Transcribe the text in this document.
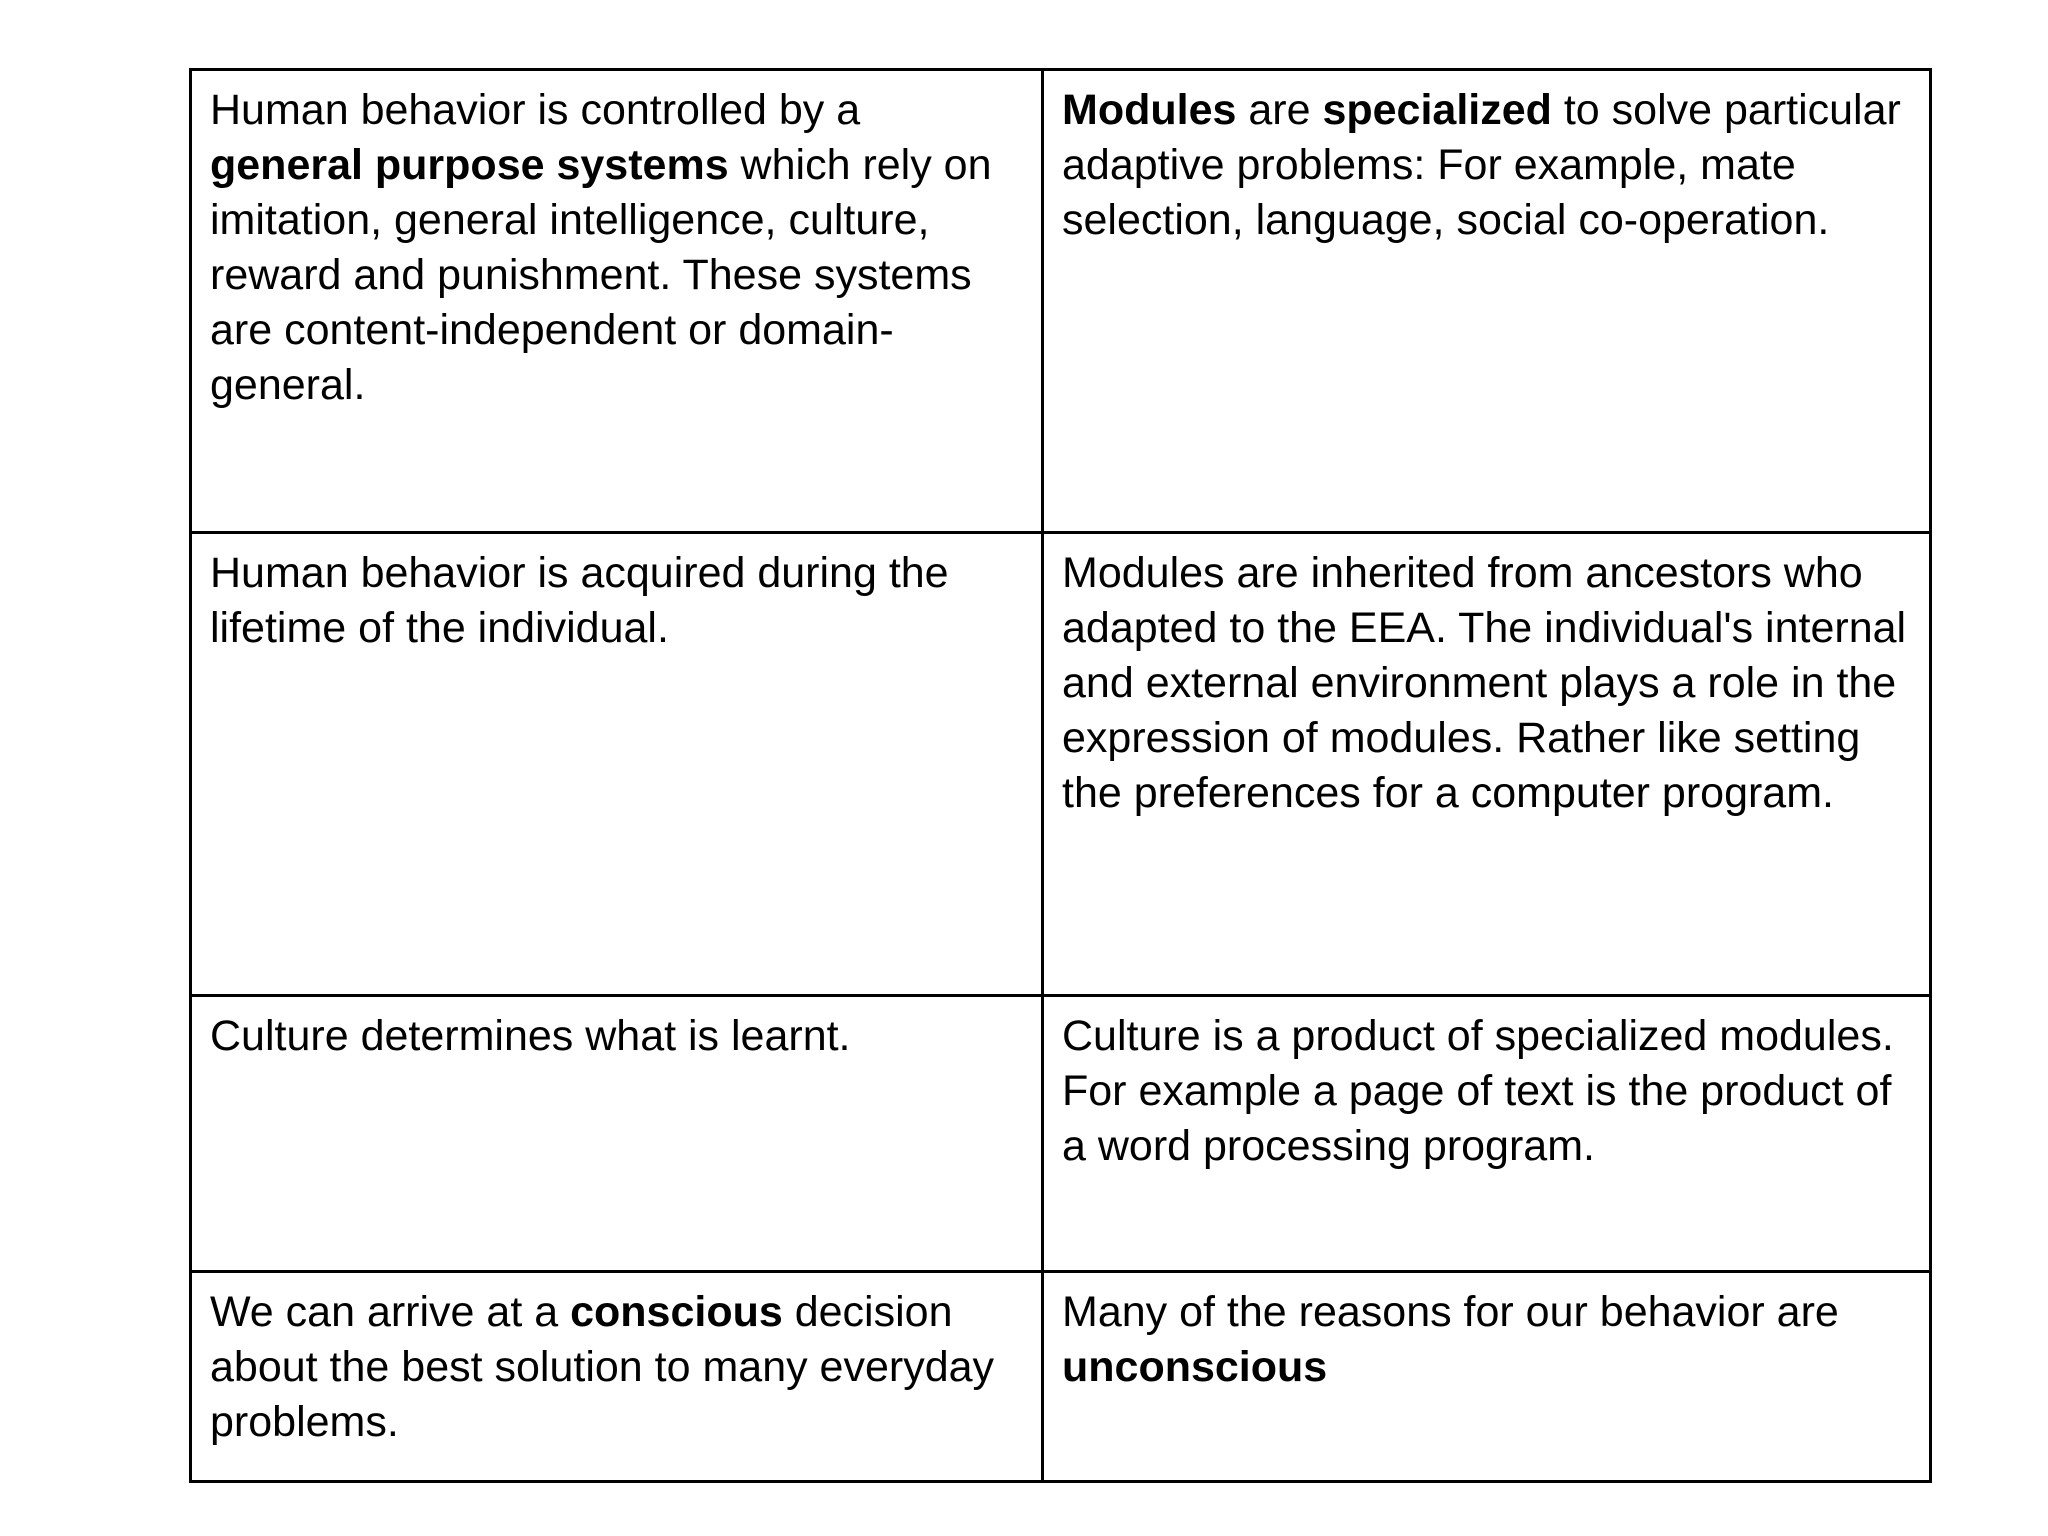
Human behavior is controlled by a general purpose systems which rely on imitation, general intelligence, culture, reward and punishment. These systems are content-independent or domain-general.	Modules are specialized to solve particular adaptive problems: For example, mate selection, language, social co-operation.
Human behavior is acquired during the lifetime of the individual.	Modules are inherited from ancestors who adapted to the EEA. The individual's internal and external environment plays a role in the expression of modules. Rather like setting the preferences for a computer program.
Culture determines what is learnt.	Culture is a product of specialized modules. For example a page of text is the product of a word processing program.
We can arrive at a conscious decision about the best solution to many everyday problems.	Many of the reasons for our behavior are unconscious
